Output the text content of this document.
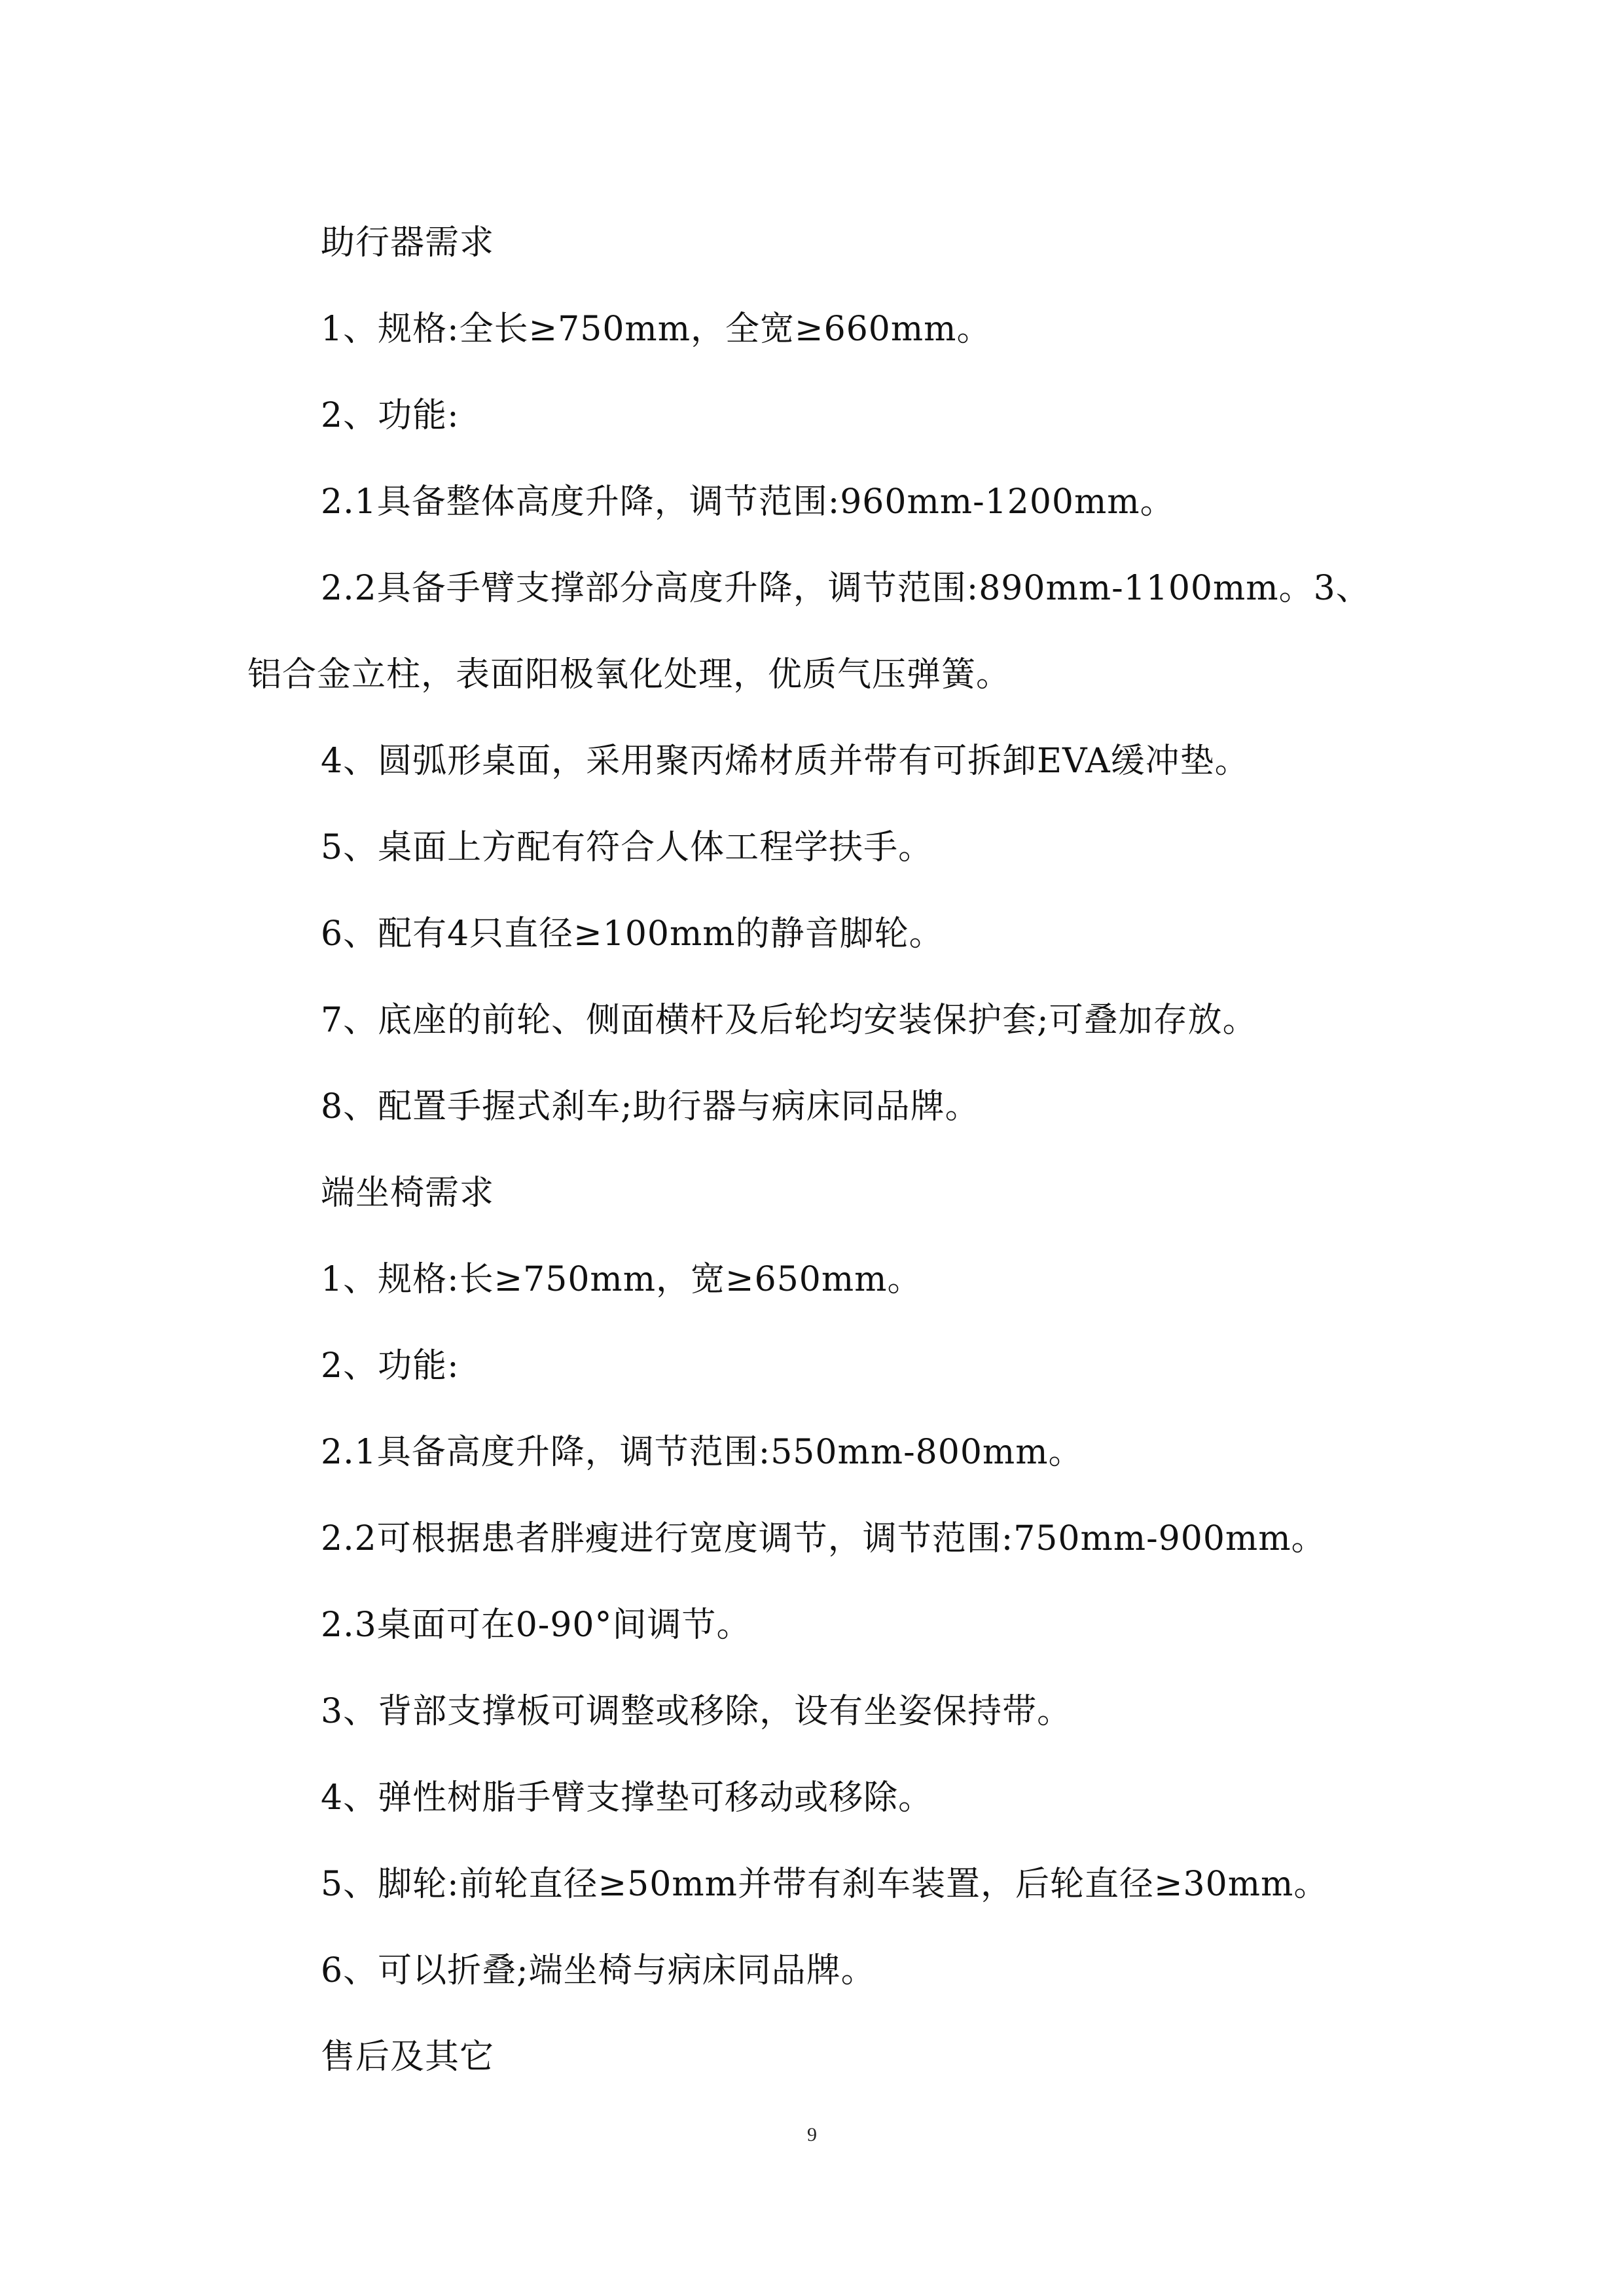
助行器需求

1、规格:全长≥750mm，全宽≥660mm。

2、功能:

2.1具备整体高度升降，调节范围:960mm-1200mm。

2.2具备手臂支撑部分高度升降，调节范围:890mm-1100mm。3、铝合金立柱，表面阳极氧化处理，优质气压弹簧。

4、圆弧形桌面，采用聚丙烯材质并带有可拆卸EVA缓冲垫。

5、桌面上方配有符合人体工程学扶手。

6、配有4只直径≥100mm的静音脚轮。

7、底座的前轮、侧面横杆及后轮均安装保护套;可叠加存放。

8、配置手握式刹车;助行器与病床同品牌。

端坐椅需求

1、规格:长≥750mm，宽≥650mm。

2、功能:

2.1具备高度升降，调节范围:550mm-800mm。

2.2可根据患者胖瘦进行宽度调节，调节范围:750mm-900mm。

2.3桌面可在0-90°间调节。

3、背部支撑板可调整或移除，设有坐姿保持带。

4、弹性树脂手臂支撑垫可移动或移除。

5、脚轮:前轮直径≥50mm并带有刹车装置，后轮直径≥30mm。

6、可以折叠;端坐椅与病床同品牌。

售后及其它

9
